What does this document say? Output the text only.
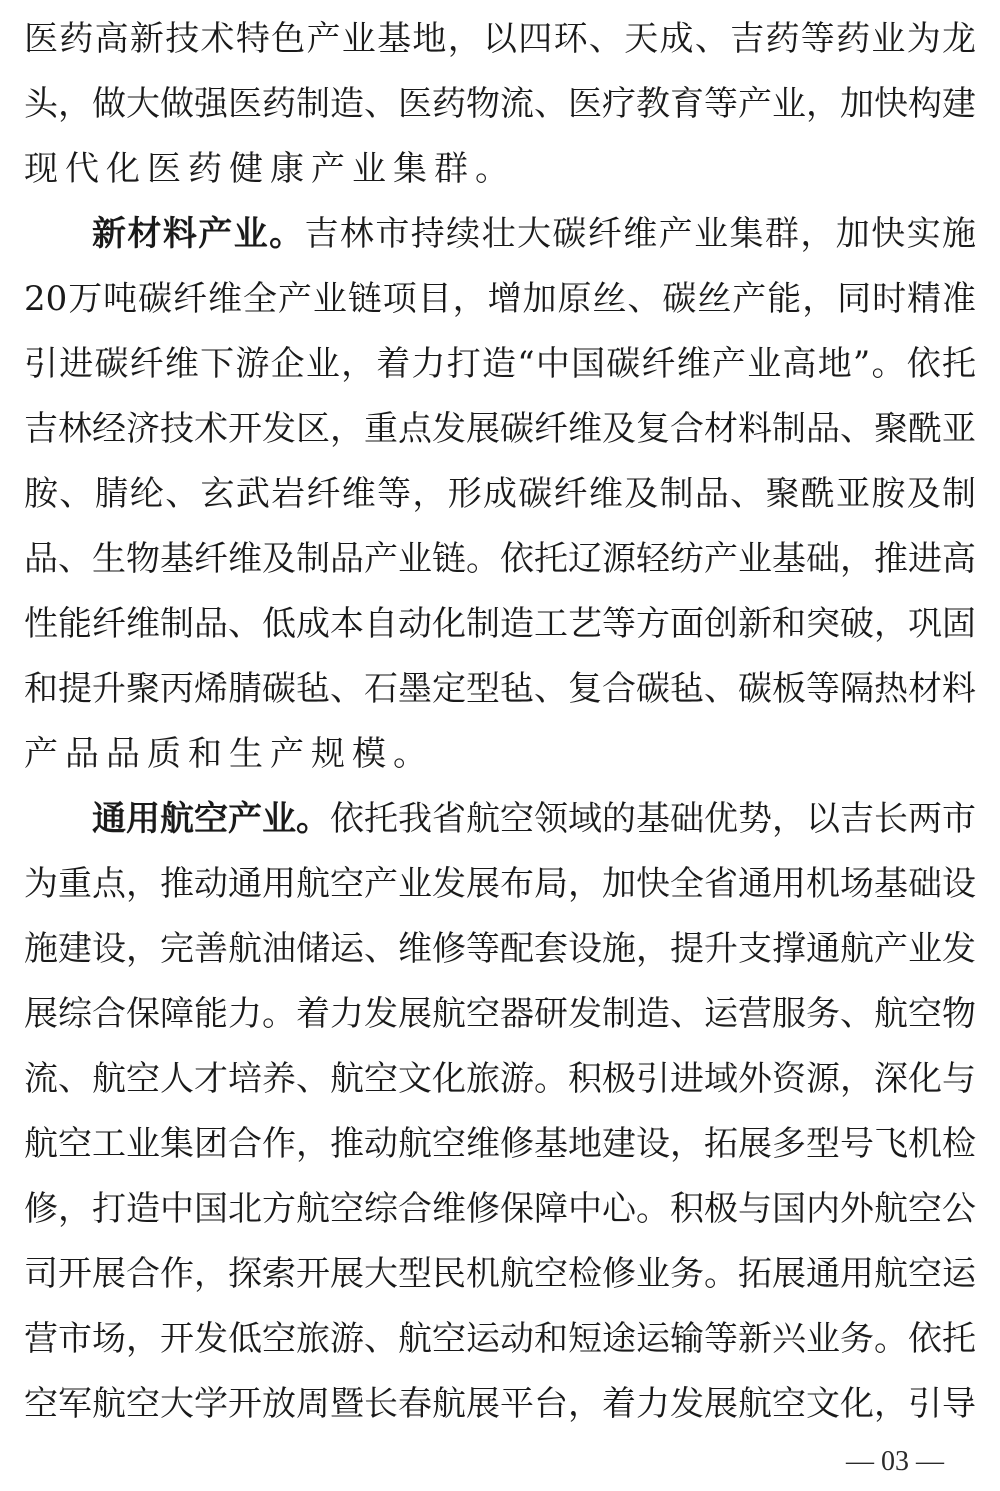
医药高新技术特色产业基地，以四环、天成、吉药等药业为龙
头，做大做强医药制造、医药物流、医疗教育等产业，加快构建
现代化医药健康产业集群。
新材料产业。吉林市持续壮大碳纤维产业集群，加快实施
20万吨碳纤维全产业链项目，增加原丝、碳丝产能，同时精准
引进碳纤维下游企业，着力打造“中国碳纤维产业高地”。依托
吉林经济技术开发区，重点发展碳纤维及复合材料制品、聚酰亚
胺、腈纶、玄武岩纤维等，形成碳纤维及制品、聚酰亚胺及制
品、生物基纤维及制品产业链。依托辽源轻纺产业基础，推进高
性能纤维制品、低成本自动化制造工艺等方面创新和突破，巩固
和提升聚丙烯腈碳毡、石墨定型毡、复合碳毡、碳板等隔热材料
产品品质和生产规模。
通用航空产业。依托我省航空领域的基础优势，以吉长两市
为重点，推动通用航空产业发展布局，加快全省通用机场基础设
施建设，完善航油储运、维修等配套设施，提升支撑通航产业发
展综合保障能力。着力发展航空器研发制造、运营服务、航空物
流、航空人才培养、航空文化旅游。积极引进域外资源，深化与
航空工业集团合作，推动航空维修基地建设，拓展多型号飞机检
修，打造中国北方航空综合维修保障中心。积极与国内外航空公
司开展合作，探索开展大型民机航空检修业务。拓展通用航空运
营市场，开发低空旅游、航空运动和短途运输等新兴业务。依托
空军航空大学开放周暨长春航展平台，着力发展航空文化，引导
— 03 —
